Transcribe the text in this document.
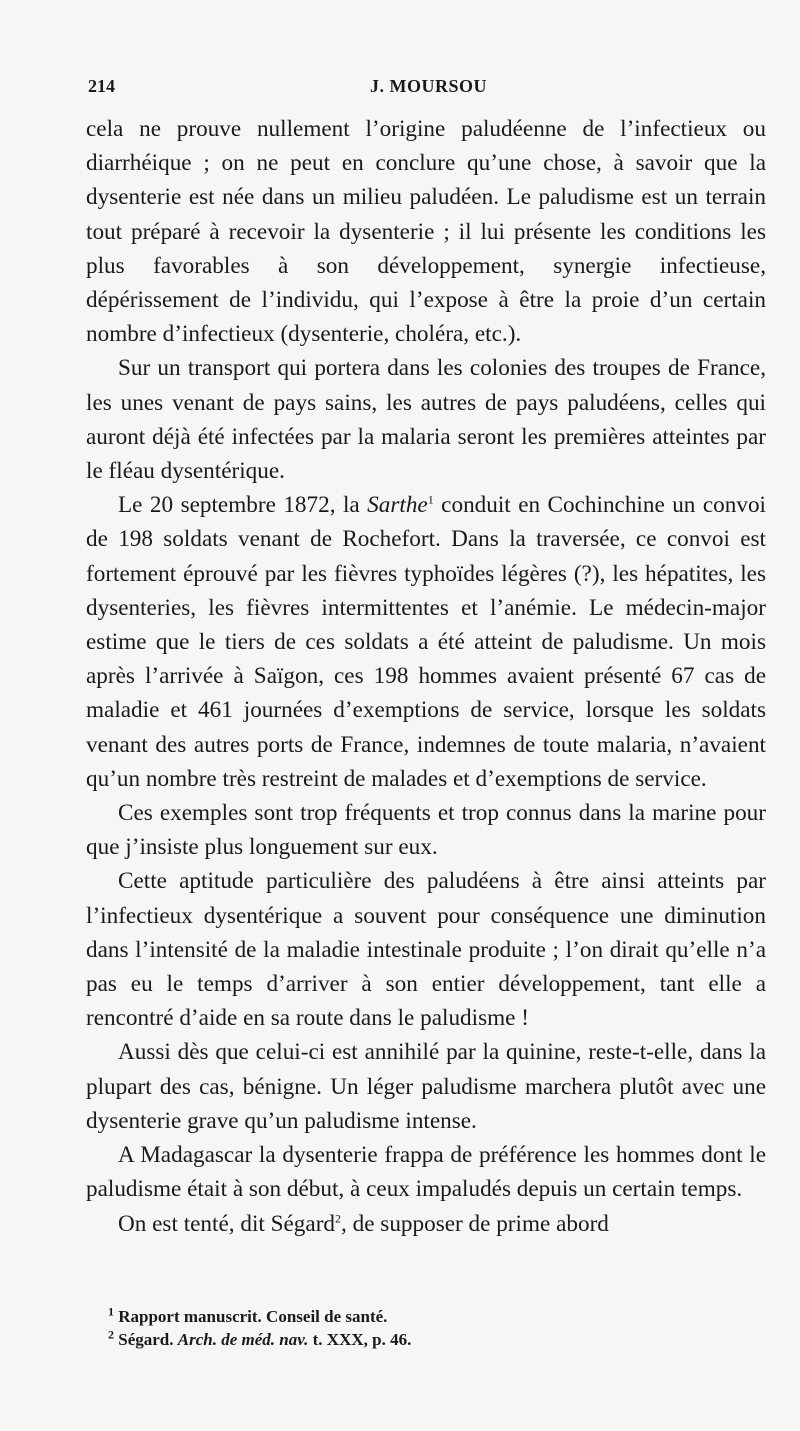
214	J. MOURSOU

cela ne prouve nullement l’origine paludéenne de l’infectieux ou diarrhéique ; on ne peut en conclure qu’une chose, à savoir que la dysenterie est née dans un milieu paludéen. Le paludisme est un terrain tout préparé à recevoir la dysenterie ; il lui présente les conditions les plus favorables à son développement, synergie infectieuse, dépérissement de l’individu, qui l’expose à être la proie d’un certain nombre d’infectieux (dysenterie, choléra, etc.).

Sur un transport qui portera dans les colonies des troupes de France, les unes venant de pays sains, les autres de pays paludéens, celles qui auront déjà été infectées par la malaria seront les premières atteintes par le fléau dysentérique.

Le 20 septembre 1872, la Sarthe$^1$ conduit en Cochinchine un convoi de 198 soldats venant de Rochefort. Dans la traversée, ce convoi est fortement éprouvé par les fièvres typhoïdes légères (?), les hépatites, les dysenteries, les fièvres intermittentes et l’anémie. Le médecin-major estime que le tiers de ces soldats a été atteint de paludisme. Un mois après l’arrivée à Saïgon, ces 198 hommes avaient présenté 67 cas de maladie et 461 journées d’exemptions de service, lorsque les soldats venant des autres ports de France, indemnes de toute malaria, n’avaient qu’un nombre très restreint de malades et d’exemptions de service.

Ces exemples sont trop fréquents et trop connus dans la marine pour que j’insiste plus longuement sur eux.

Cette aptitude particulière des paludéens à être ainsi atteints par l’infectieux dysentérique a souvent pour conséquence une diminution dans l’intensité de la maladie intestinale produite ; l’on dirait qu’elle n’a pas eu le temps d’arriver à son entier développement, tant elle a rencontré d’aide en sa route dans le paludisme !

Aussi dès que celui-ci est annihilé par la quinine, reste-t-elle, dans la plupart des cas, bénigne. Un léger paludisme marchera plutôt avec une dysenterie grave qu’un paludisme intense.

A Madagascar la dysenterie frappa de préférence les hommes dont le paludisme était à son début, à ceux impaludés depuis un certain temps.

On est tenté, dit Ségard$^2$, de supposer de prime abord

$^1$ Rapport manuscrit. Conseil de santé.

$^2$ Ségard. Arch. de méd. nav. t. XXX, p. 46.
